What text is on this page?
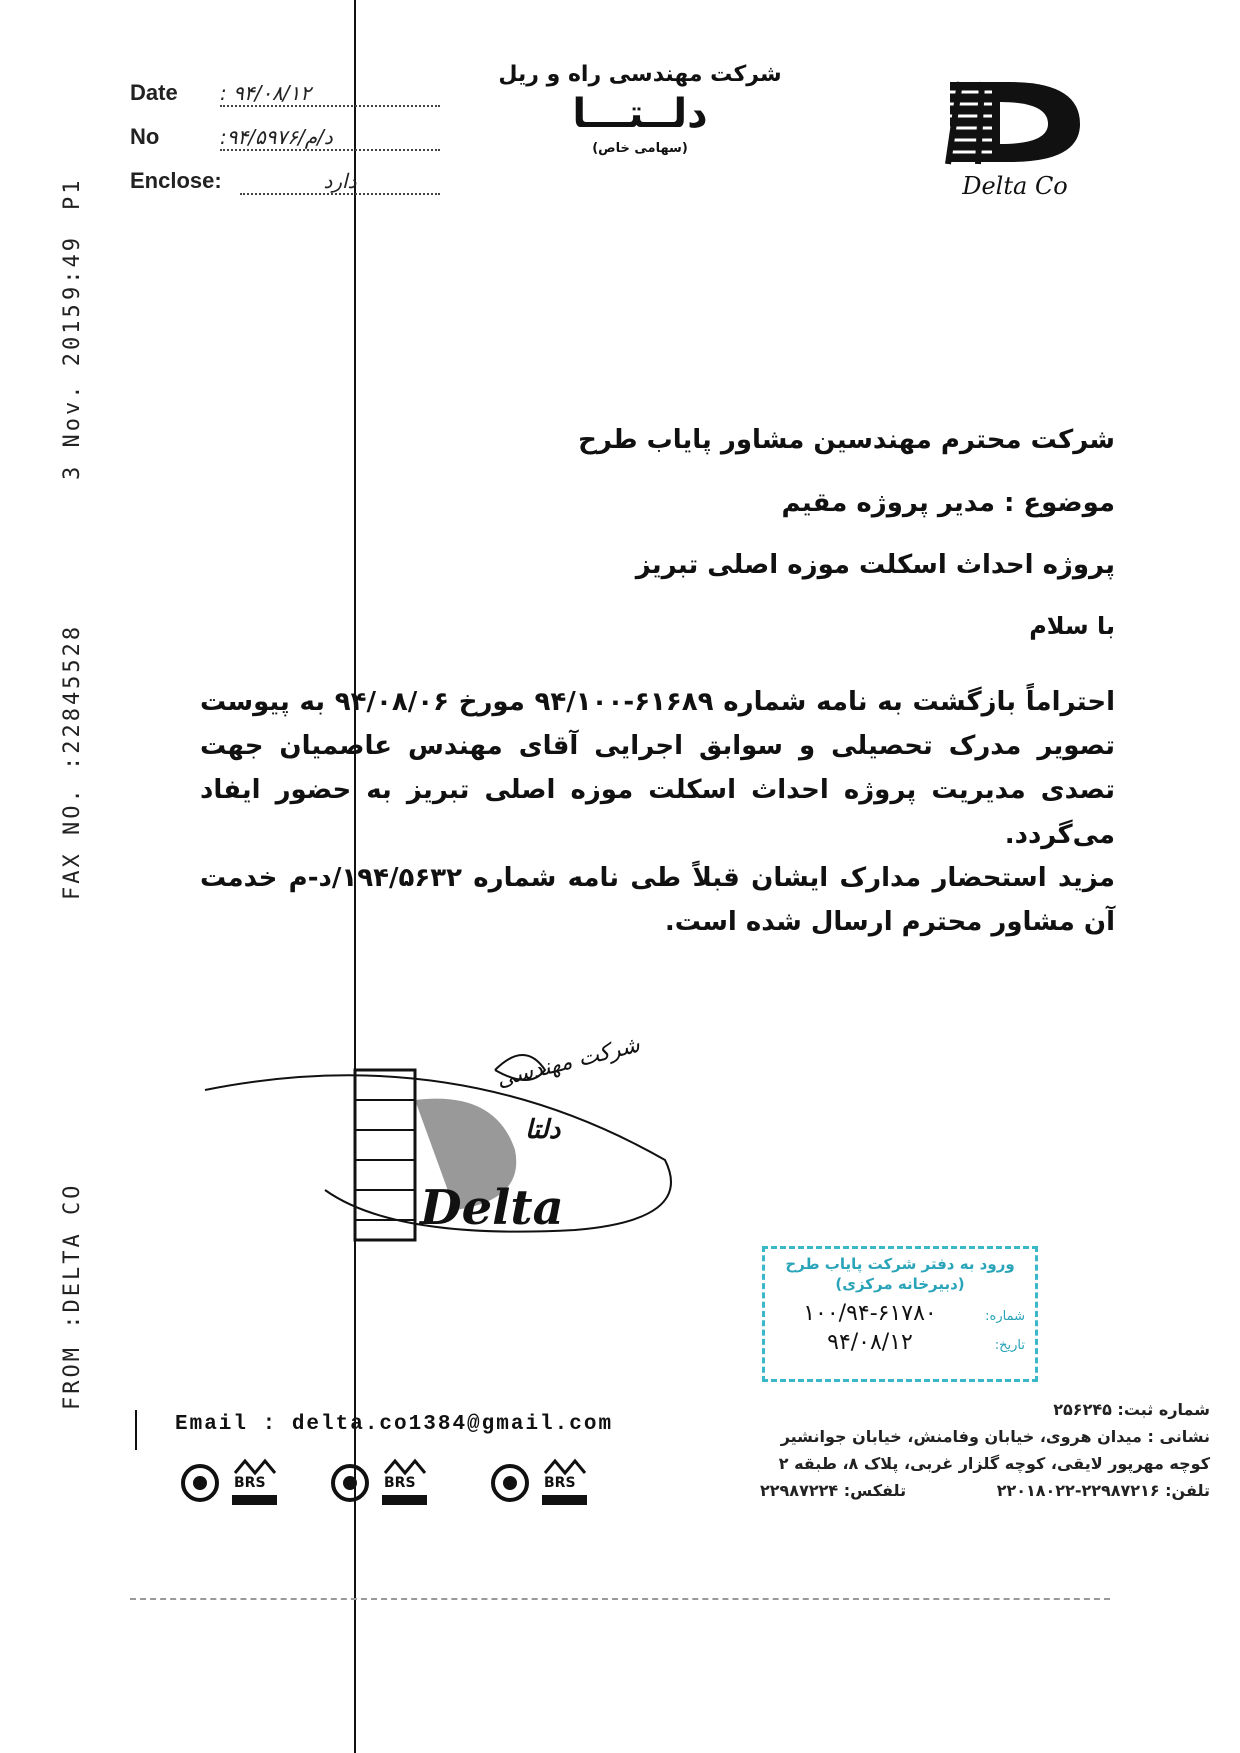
P1
9:49
3 Nov. 2015
FAX NO. :22845528
FROM :DELTA CO
Date	: ۹۴/۰۸/۱۲
No	:د/م/۹۴/۵۹۷۶
Enclose:	دارد
شرکت مهندسی راه و ریل
دلــتـــا
(سهامی خاص)
Delta Co
شرکت محترم مهندسین مشاور پایاب طرح
موضوع : مدیر پروژه مقیم
پروژه احداث اسکلت موزه اصلی تبریز
با سلام
احتراماً بازگشت به نامه شماره ۶۱۶۸۹-۹۴/۱۰۰ مورخ ۹۴/۰۸/۰۶ به پیوست تصویر مدرک تحصیلی و سوابق اجرایی آقای مهندس عاصمیان جهت تصدی مدیریت پروژه احداث اسکلت موزه اصلی تبریز به حضور ایفاد می‌گردد.
مزید استحضار مدارک ایشان قبلاً طی نامه شماره ۱۹۴/۵۶۳۲/د-م خدمت آن مشاور محترم ارسال شده است.
Delta
دلتا
شرکت مهندسی
ورود به دفتر شرکت پایاب طرح
(دبیرخانه مرکزی)
شماره:
۱۰۰/۹۴-۶۱۷۸۰
تاریخ:
۹۴/۰۸/۱۲
Email : delta.co1384@gmail.com
BRS	BRS	BRS
شماره ثبت: ۲۵۶۲۴۵
نشانی : میدان هروی، خیابان وفامنش، خیابان جوانشیر
کوچه مهرپور لایقی، کوچه گلزار غربی، پلاک ۸، طبقه ۲
تلفن: ۲۲۹۸۷۲۱۶-۲۲۰۱۸۰۲۲
تلفکس: ۲۲۹۸۷۲۲۴
